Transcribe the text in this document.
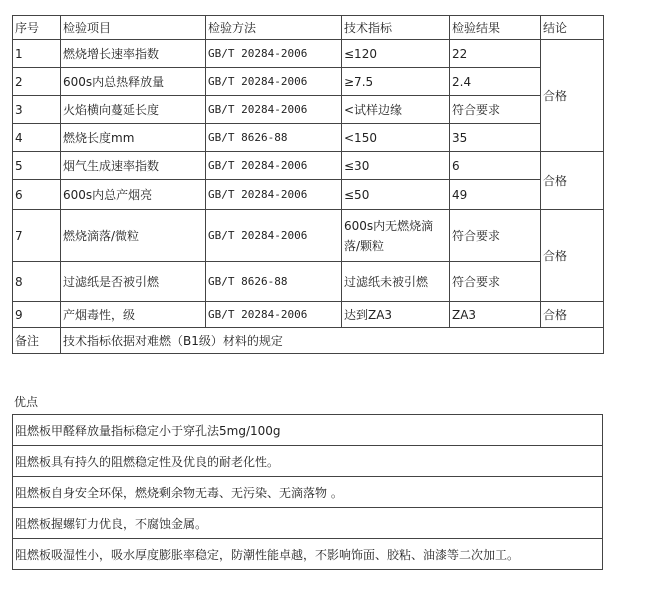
序号	检验项目	检验方法	技术指标	检验结果	结论
1	燃烧增长速率指数	GB/T 20284-2006	≤120	22	合格
2	600s内总热释放量	GB/T 20284-2006	≥7.5	2.4	
3	火焰横向蔓延长度	GB/T 20284-2006	<试样边缘	符合要求	
4	燃烧长度mm	GB/T 8626-88	<150	35	
5	烟气生成速率指数	GB/T 20284-2006	≤30	6	合格
6	600s内总产烟亮	GB/T 20284-2006	≤50	49	
7	燃烧滴落/微粒	GB/T 20284-2006	600s内无燃烧滴落/颗粒	符合要求	合格
8	过滤纸是否被引燃	GB/T 8626-88	过滤纸未被引燃	符合要求	
9	产烟毒性，级	GB/T 20284-2006	达到ZA3	ZA3	合格
备注	技术指标依据对难燃（B1级）材料的规定				
优点
阻燃板甲醛释放量指标稳定小于穿孔法5mg/100g
阻燃板具有持久的阻燃稳定性及优良的耐老化性。
阻燃板自身安全环保，燃烧剩余物无毒、无污染、无滴落物 。
阻燃板握螺钉力优良，不腐蚀金属。
阻燃板吸湿性小，吸水厚度膨胀率稳定，防潮性能卓越，不影响饰面、胶粘、油漆等二次加工。
